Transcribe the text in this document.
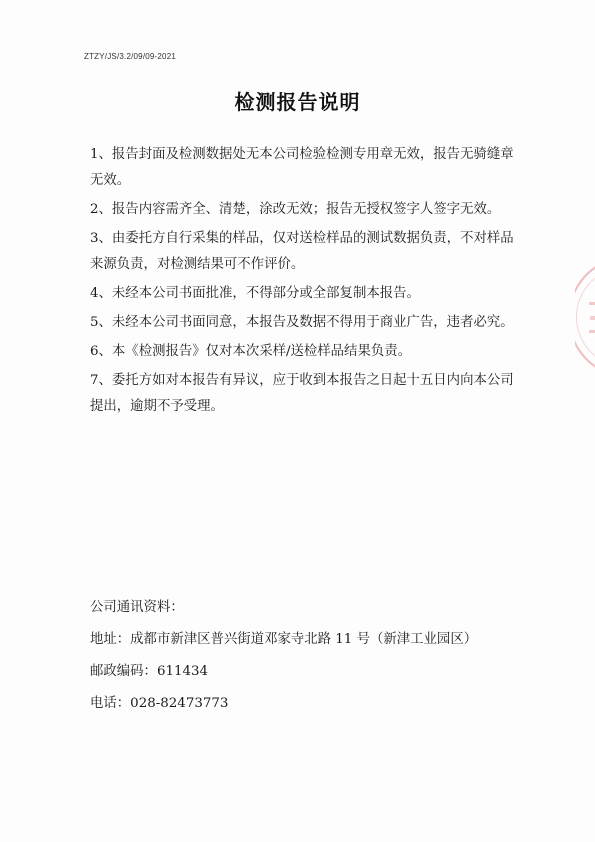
ZTZY/JS/3.2/09/09-2021
检测报告说明
1、报告封面及检测数据处无本公司检验检测专用章无效，报告无骑缝章无效。
2、报告内容需齐全、清楚，涂改无效；报告无授权签字人签字无效。
3、由委托方自行采集的样品，仅对送检样品的测试数据负责，不对样品来源负责，对检测结果可不作评价。
4、未经本公司书面批准，不得部分或全部复制本报告。
5、未经本公司书面同意，本报告及数据不得用于商业广告，违者必究。
6、本《检测报告》仅对本次采样/送检样品结果负责。
7、委托方如对本报告有异议，应于收到本报告之日起十五日内向本公司提出，逾期不予受理。
公司通讯资料：
地址：成都市新津区普兴街道邓家寺北路 11 号（新津工业园区）
邮政编码：611434
电话：028-82473773
